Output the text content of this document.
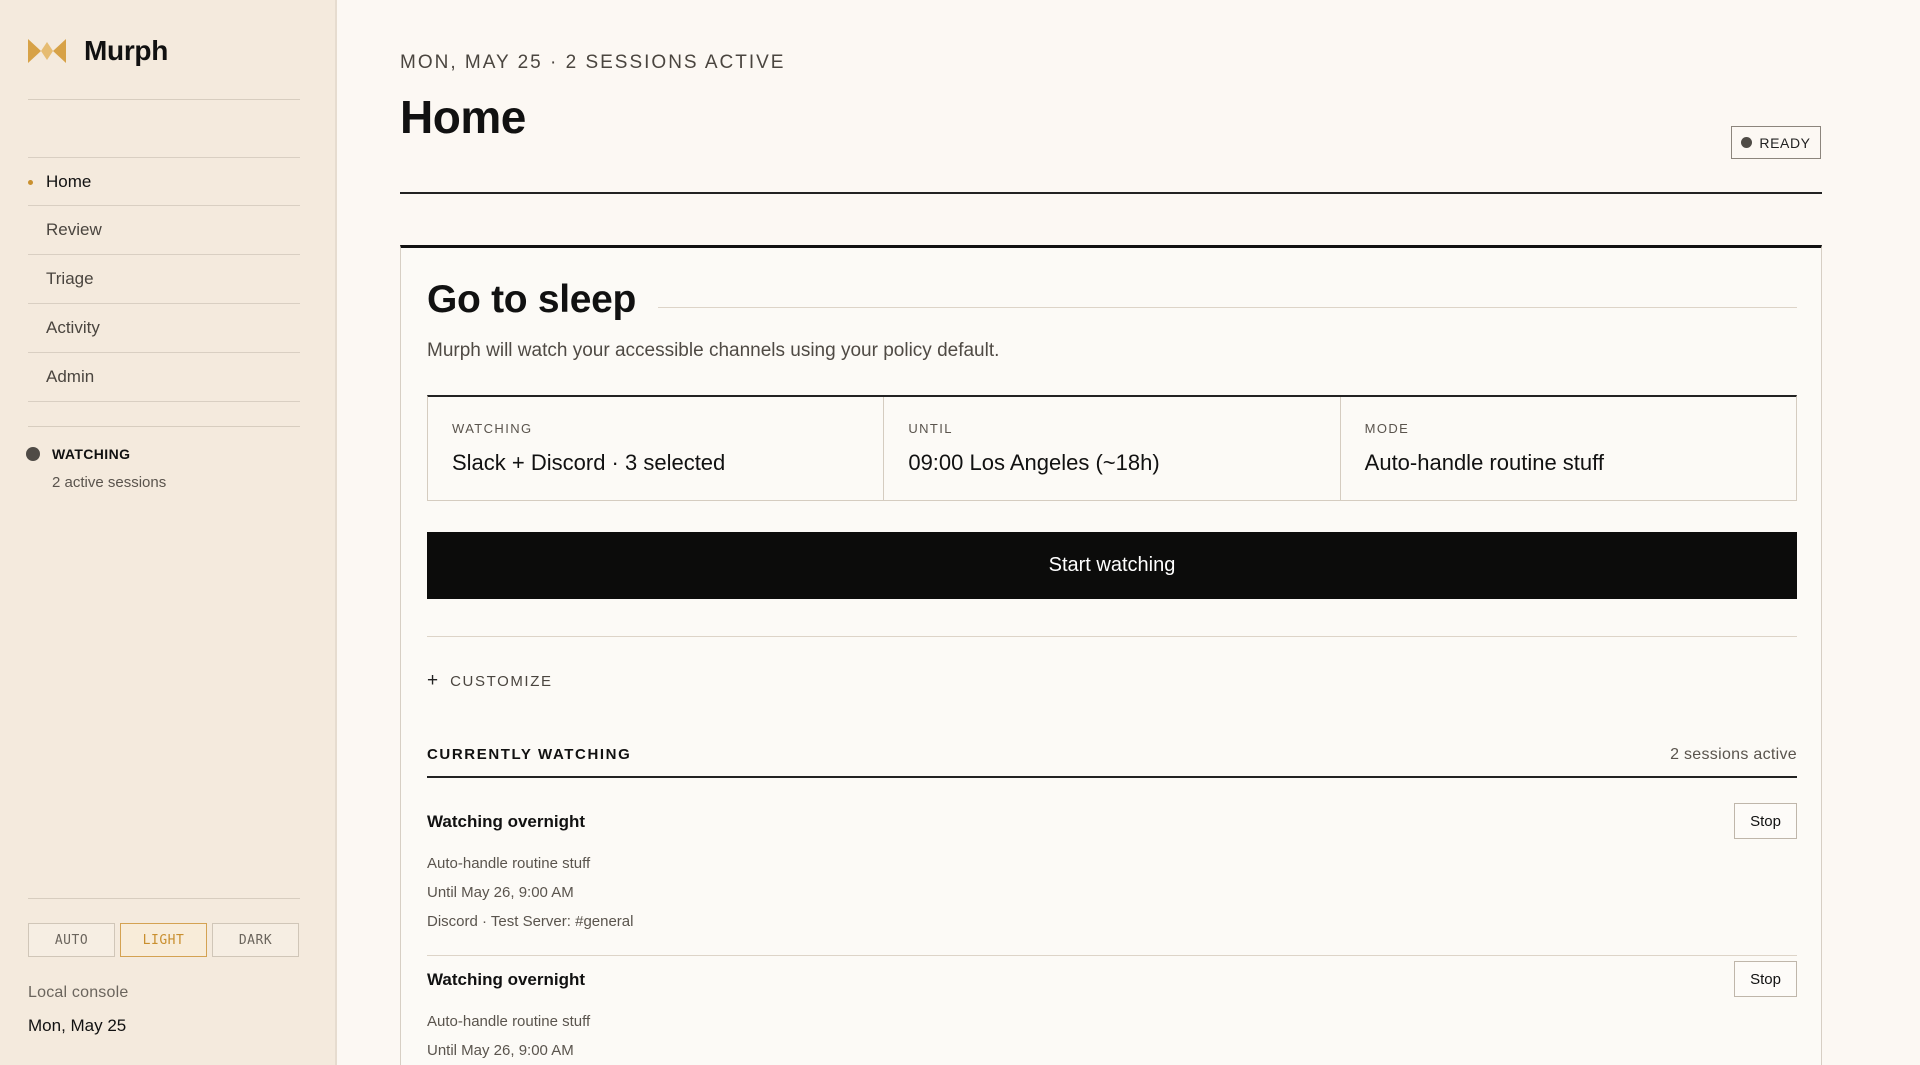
Murph
Home
Review
Triage
Activity
Admin
WATCHING
2 active sessions
AUTO	LIGHT	DARK
Local console
Mon, May 25
MON, MAY 25 · 2 SESSIONS ACTIVE
Home	READY
Go to sleep

Murph will watch your accessible channels using your policy default.

WATCHING
Slack + Discord · 3 selected
UNTIL
09:00 Los Angeles (~18h)
MODE
Auto-handle routine stuff
Start watching
+ CUSTOMIZE
CURRENTLY WATCHING	2 sessions active
Watching overnight	Stop
Auto-handle routine stuff
Until May 26, 9:00 AM
Discord · Test Server: #general
Watching overnight	Stop
Auto-handle routine stuff
Until May 26, 9:00 AM
